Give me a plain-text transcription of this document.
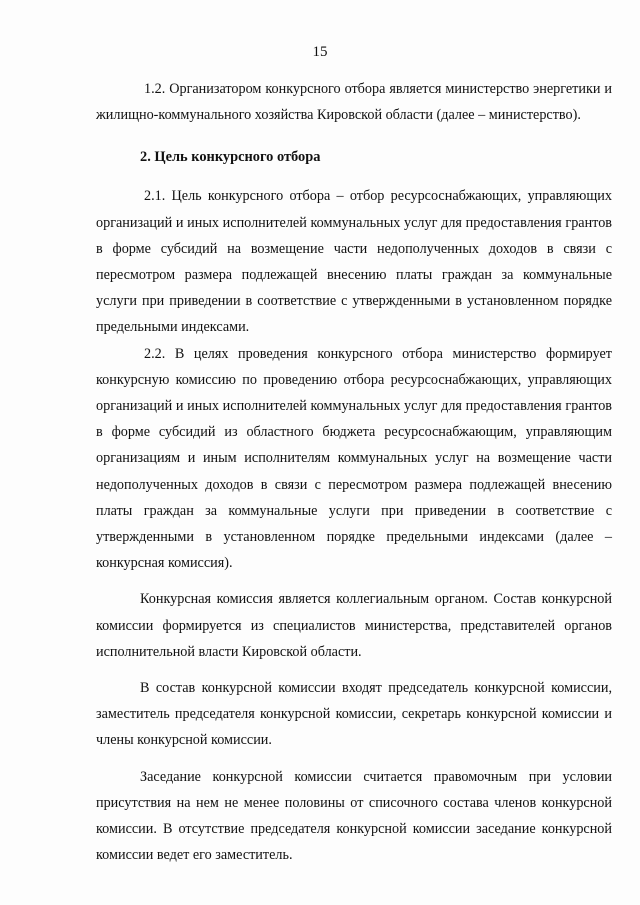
15

1.2. Организатором конкурсного отбора является министерство энергетики и жилищно-коммунального хозяйства Кировской области (далее – министерство).

2. Цель конкурсного отбора

2.1. Цель конкурсного отбора – отбор ресурсоснабжающих, управляющих организаций и иных исполнителей коммунальных услуг для предоставления грантов в форме субсидий на возмещение части недополученных доходов в связи с пересмотром размера подлежащей внесению платы граждан за коммунальные услуги при приведении в соответствие с утвержденными в установленном порядке предельными индексами.

2.2. В целях проведения конкурсного отбора министерство формирует конкурсную комиссию по проведению отбора ресурсоснабжающих, управляющих организаций и иных исполнителей коммунальных услуг для предоставления грантов в форме субсидий из областного бюджета ресурсоснабжающим, управляющим организациям и иным исполнителям коммунальных услуг на возмещение части недополученных доходов в связи с пересмотром размера подлежащей внесению платы граждан за коммунальные услуги при приведении в соответствие с утвержденными в установленном порядке предельными индексами (далее – конкурсная комиссия).

Конкурсная комиссия является коллегиальным органом. Состав конкурсной комиссии формируется из специалистов министерства, представителей органов исполнительной власти Кировской области.

В состав конкурсной комиссии входят председатель конкурсной комиссии, заместитель председателя конкурсной комиссии, секретарь конкурсной комиссии и члены конкурсной комиссии.

Заседание конкурсной комиссии считается правомочным при условии присутствия на нем не менее половины от списочного состава членов конкурсной комиссии. В отсутствие председателя конкурсной комиссии заседание конкурсной комиссии ведет его заместитель.
